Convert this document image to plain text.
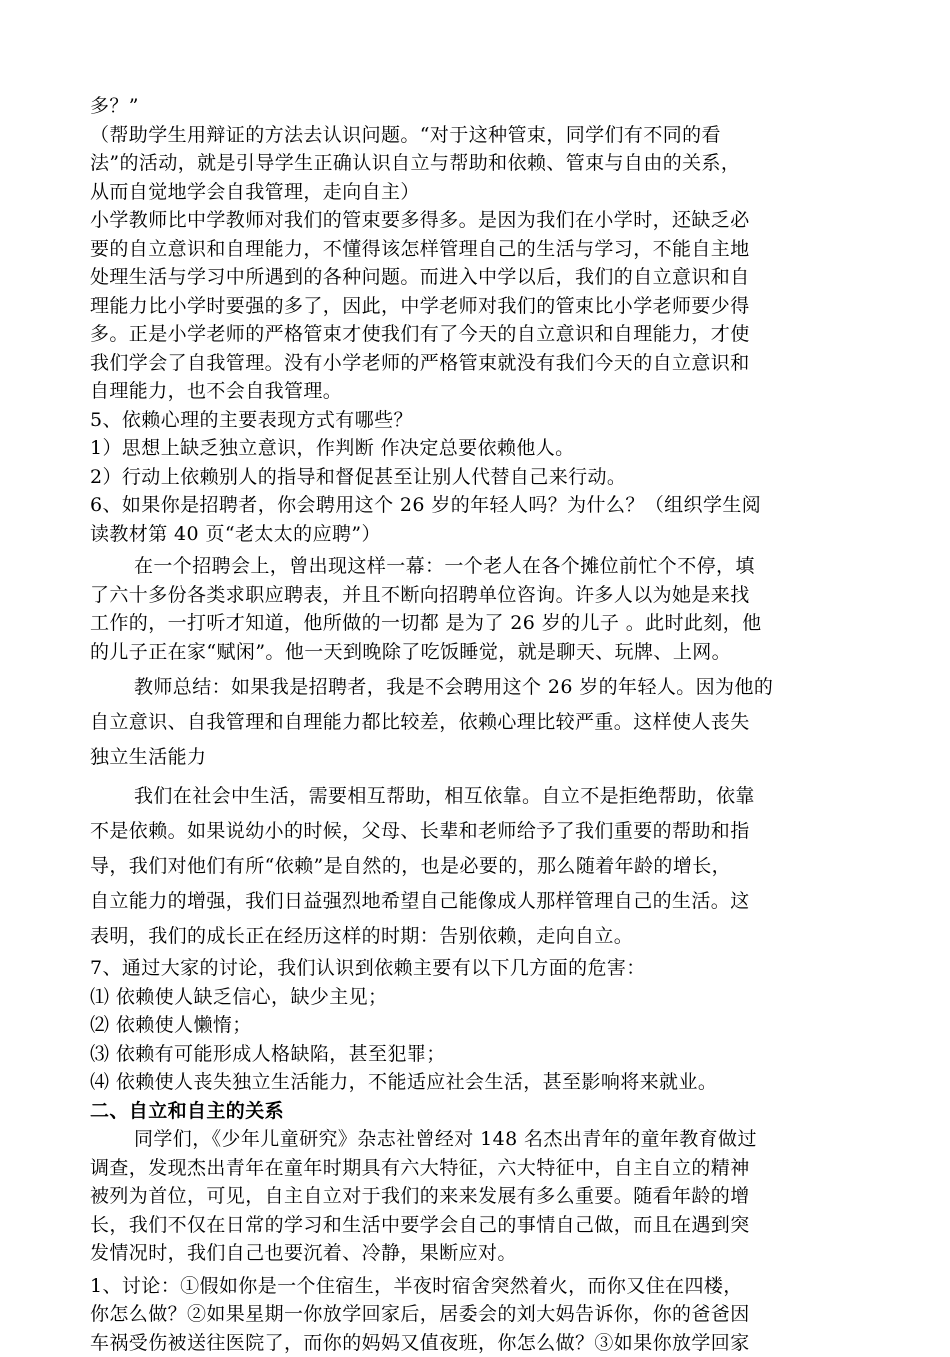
多？”
（帮助学生用辩证的方法去认识问题。“对于这种管束，同学们有不同的看
法”的活动，就是引导学生正确认识自立与帮助和依赖、管束与自由的关系，
从而自觉地学会自我管理，走向自主）
小学教师比中学教师对我们的管束要多得多。是因为我们在小学时，还缺乏必
要的自立意识和自理能力，不懂得该怎样管理自己的生活与学习，不能自主地
处理生活与学习中所遇到的各种问题。而进入中学以后，我们的自立意识和自
理能力比小学时要强的多了，因此，中学老师对我们的管束比小学老师要少得
多。正是小学老师的严格管束才使我们有了今天的自立意识和自理能力，才使
我们学会了自我管理。没有小学老师的严格管束就没有我们今天的自立意识和
自理能力，也不会自我管理。
5、依赖心理的主要表现方式有哪些？
1）思想上缺乏独立意识，作判断 作决定总要依赖他人。
2）行动上依赖别人的指导和督促甚至让别人代替自己来行动。
6、如果你是招聘者，你会聘用这个 26 岁的年轻人吗？为什么？（组织学生阅
读教材第 40 页“老太太的应聘”）
在一个招聘会上，曾出现这样一幕：一个老人在各个摊位前忙个不停，填
了六十多份各类求职应聘表，并且不断向招聘单位咨询。许多人以为她是来找
工作的，一打听才知道，他所做的一切都 是为了 26 岁的儿子 。此时此刻，他
的儿子正在家“赋闲”。他一天到晚除了吃饭睡觉，就是聊天、玩牌、上网。
教师总结：如果我是招聘者，我是不会聘用这个 26 岁的年轻人。因为他的
自立意识、自我管理和自理能力都比较差，依赖心理比较严重。这样使人丧失
独立生活能力
我们在社会中生活，需要相互帮助，相互依靠。自立不是拒绝帮助，依靠
不是依赖。如果说幼小的时候，父母、长辈和老师给予了我们重要的帮助和指
导，我们对他们有所“依赖”是自然的，也是必要的，那么随着年龄的增长，
自立能力的增强，我们日益强烈地希望自己能像成人那样管理自己的生活。这
表明，我们的成长正在经历这样的时期：告别依赖，走向自立。
7、通过大家的讨论，我们认识到依赖主要有以下几方面的危害：
⑴ 依赖使人缺乏信心，缺少主见；
⑵ 依赖使人懒惰；
⑶ 依赖有可能形成人格缺陷，甚至犯罪；
⑷ 依赖使人丧失独立生活能力，不能适应社会生活，甚至影响将来就业。
二、自立和自主的关系
同学们，《少年儿童研究》杂志社曾经对 148 名杰出青年的童年教育做过
调查，发现杰出青年在童年时期具有六大特征，六大特征中，自主自立的精神
被列为首位，可见，自主自立对于我们的来来发展有多么重要。随看年龄的增
长，我们不仅在日常的学习和生活中要学会自己的事情自己做，而且在遇到突
发情况时，我们自己也要沉着、冷静，果断应对。
1、讨论：①假如你是一个住宿生，半夜时宿舍突然着火，而你又住在四楼，
你怎么做？②如果星期一你放学回家后，居委会的刘大妈告诉你，你的爸爸因
车祸受伤被送往医院了，而你的妈妈又值夜班，你怎么做？③如果你放学回家
